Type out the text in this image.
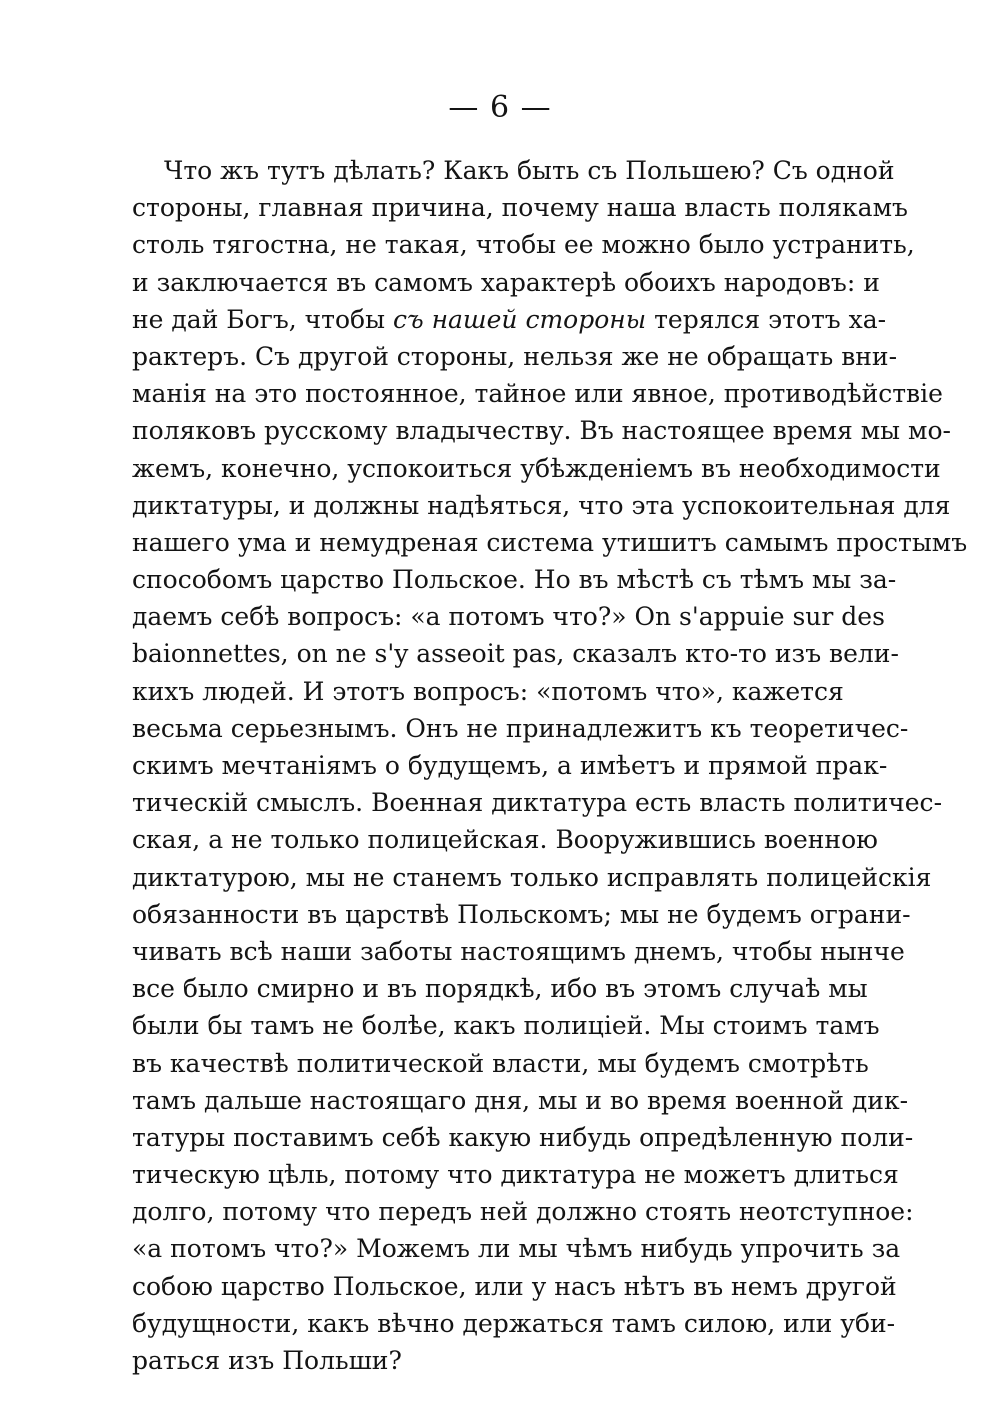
— 6 —
Что жъ тутъ дѣлать? Какъ быть съ Польшею? Съ одной
стороны, главная причина, почему наша власть полякамъ
столь тягостна, не такая, чтобы ее можно было устранить,
и заключается въ самомъ характерѣ обоихъ народовъ: и
не дай Богъ, чтобы съ нашей стороны терялся этотъ ха-
рактеръ. Съ другой стороны, нельзя же не обращать вни-
манія на это постоянное, тайное или явное, противодѣйствіе
поляковъ русскому владычеству. Въ настоящее время мы мо-
жемъ, конечно, успокоиться убѣжденіемъ въ необходимости
диктатуры, и должны надѣяться, что эта успокоительная для
нашего ума и немудреная система утишитъ самымъ простымъ
способомъ царство Польское. Но въ мѣстѣ съ тѣмъ мы за-
даемъ себѣ вопросъ: «а потомъ что?» On s'appuie sur des
baionnettes, on ne s'y asseoit pas, сказалъ кто-то изъ вели-
кихъ людей. И этотъ вопросъ: «потомъ что», кажется
весьма серьезнымъ. Онъ не принадлежитъ къ теоретичес-
скимъ мечтаніямъ о будущемъ, а имѣетъ и прямой прак-
тическій смыслъ. Военная диктатура есть власть политичес-
ская, а не только полицейская. Вооружившись военною
диктатурою, мы не станемъ только исправлять полицейскія
обязанности въ царствѣ Польскомъ; мы не будемъ ограни-
чивать всѣ наши заботы настоящимъ днемъ, чтобы нынче
все было смирно и въ порядкѣ, ибо въ этомъ случаѣ мы
были бы тамъ не болѣе, какъ полиціей. Мы стоимъ тамъ
въ качествѣ политической власти, мы будемъ смотрѣть
тамъ дальше настоящаго дня, мы и во время военной дик-
татуры поставимъ себѣ какую нибудь опредѣленную поли-
тическую цѣль, потому что диктатура не можетъ длиться
долго, потому что передъ ней должно стоять неотступное:
«а потомъ что?» Можемъ ли мы чѣмъ нибудь упрочить за
собою царство Польское, или у насъ нѣтъ въ немъ другой
будущности, какъ вѣчно держаться тамъ силою, или уби-
раться изъ Польши?
